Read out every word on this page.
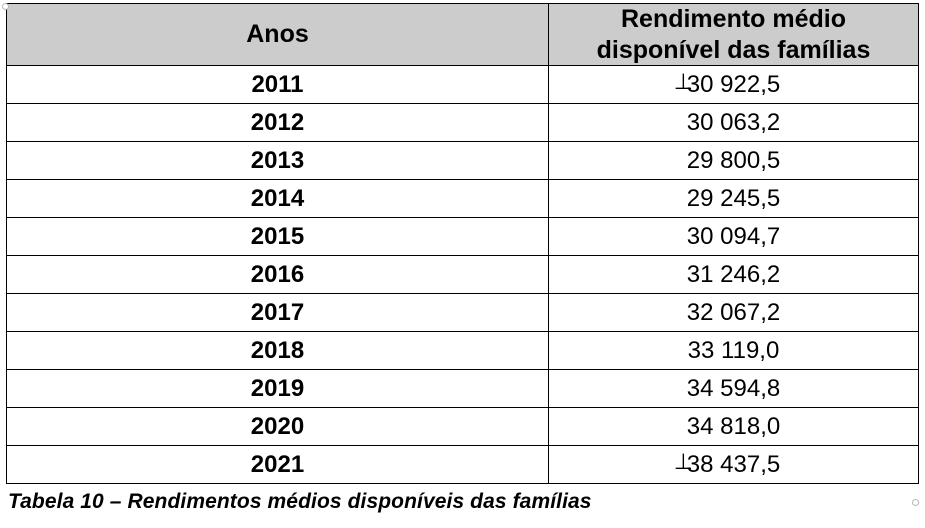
Anos	Rendimento médio
disponível das famílias
2011	⊥30 922,5
2012	30 063,2
2013	29 800,5
2014	29 245,5
2015	30 094,7
2016	31 246,2
2017	32 067,2
2018	33 119,0
2019	34 594,8
2020	34 818,0
2021	⊥38 437,5
Tabela 10 – Rendimentos médios disponíveis das famílias
